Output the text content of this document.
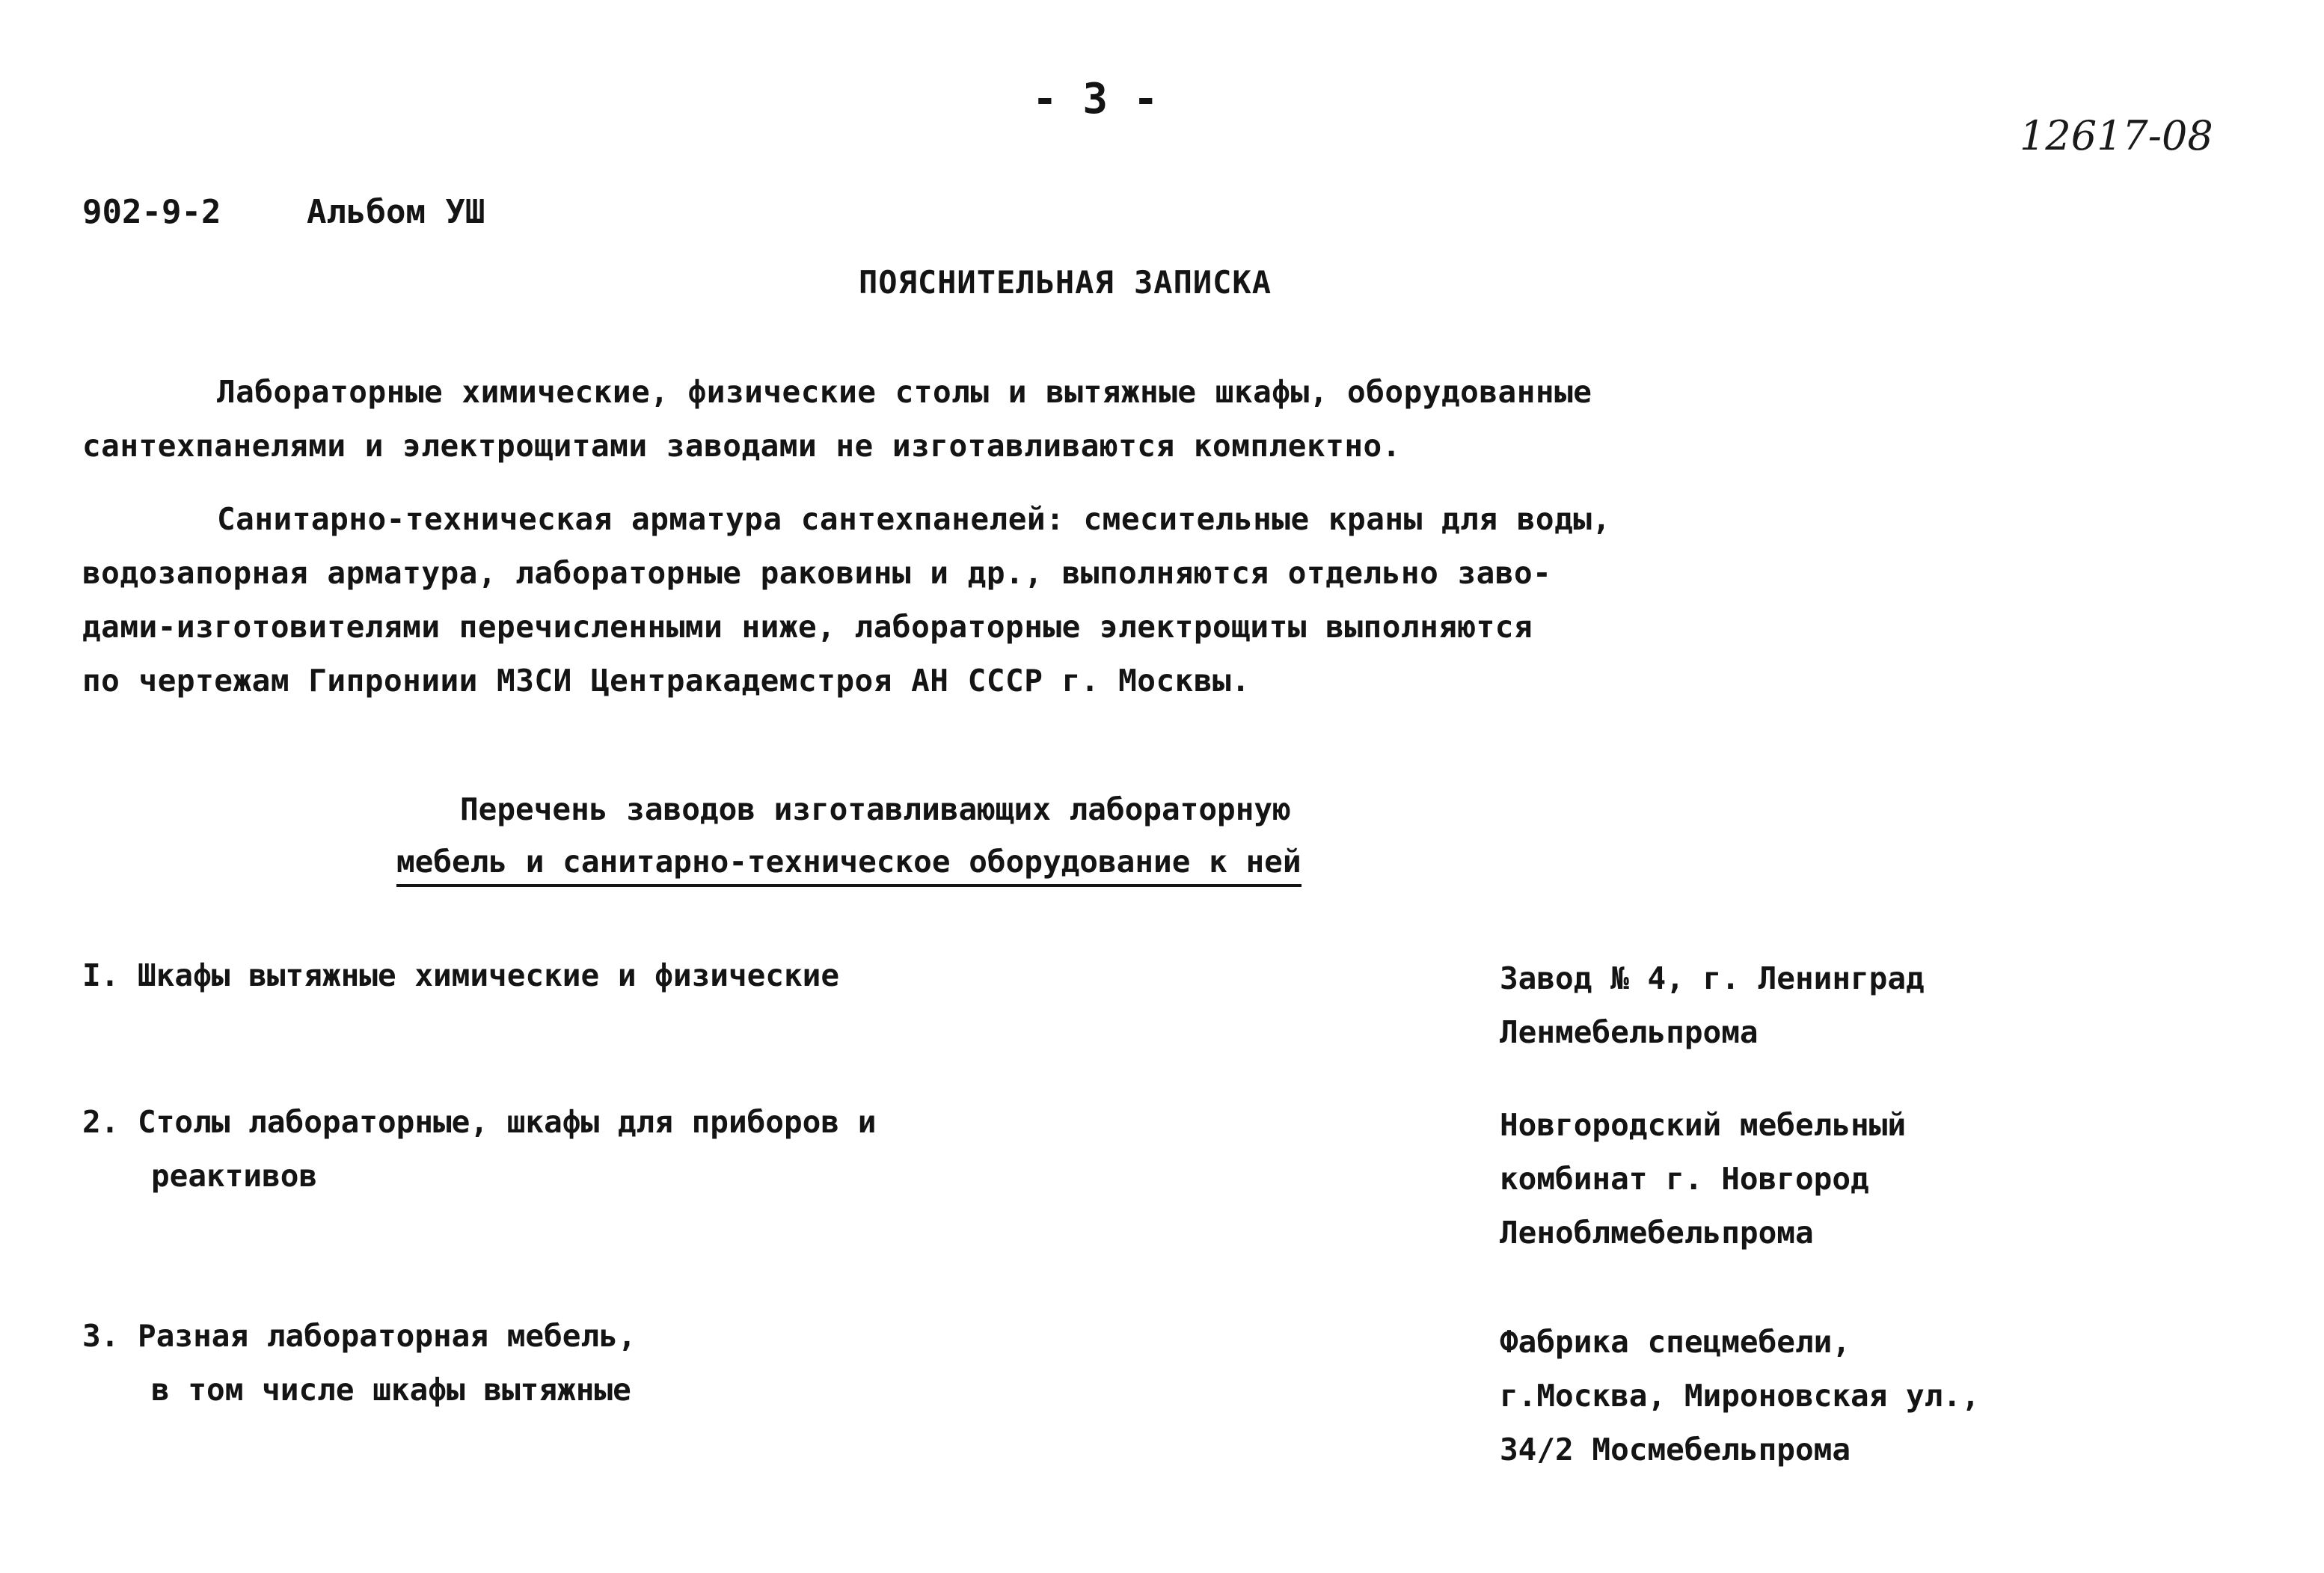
- 3 -
12617-08
902-9-2	Альбом УШ
ПОЯСНИТЕЛЬНАЯ ЗАПИСКА
Лабораторные химические, физические столы и вытяжные шкафы, оборудованные
сантехпанелями и электрощитами заводами не изготавливаются комплектно.
Санитарно-техническая арматура сантехпанелей: смесительные краны для воды,
водозапорная арматура, лабораторные раковины и др., выполняются отдельно заво-
дами-изготовителями перечисленными ниже, лабораторные электрощиты выполняются
по чертежам Гипрониии МЗСИ Центракадемстроя АН СССР г. Москвы.
Перечень заводов изготавливающих лабораторную
мебель и санитарно-техническое оборудование к ней
I. Шкафы вытяжные химические и физические	Завод № 4, г. Ленинград
Ленмебельпрома
2. Столы лабораторные, шкафы для приборов и
реактивов
Новгородский мебельный
комбинат г. Новгород
Леноблмебельпрома
3. Разная лабораторная мебель,
в том числе шкафы вытяжные
Фабрика спецмебели,
г.Москва, Мироновская ул.,
34/2 Мосмебельпрома
